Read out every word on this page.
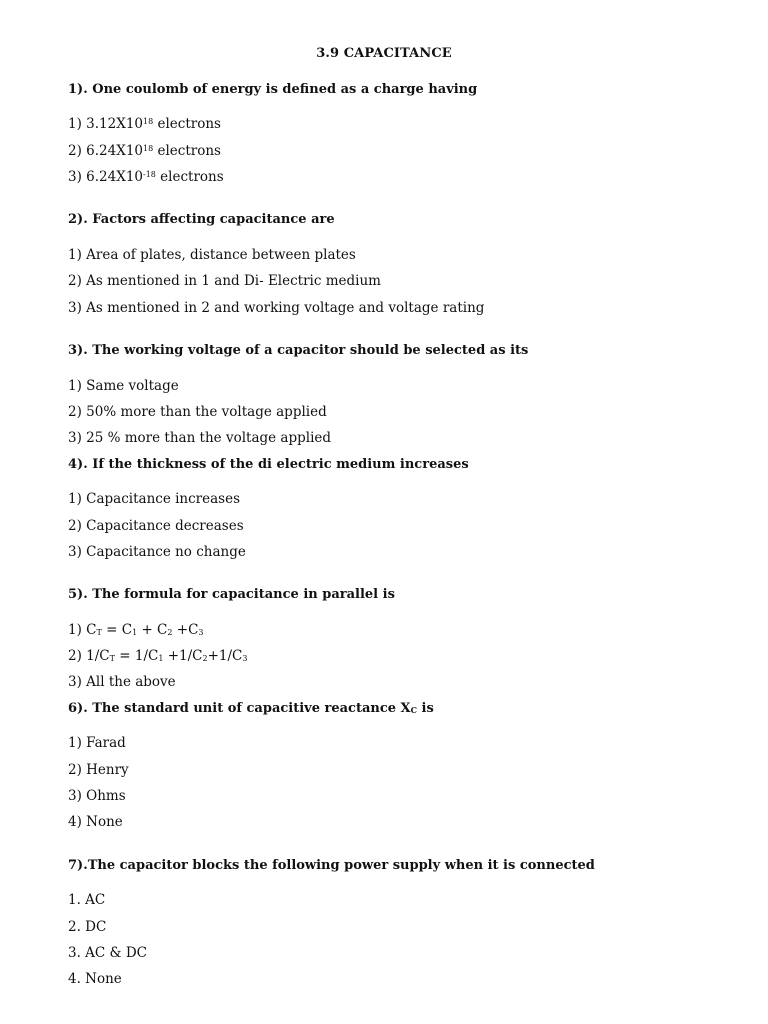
3.9 CAPACITANCE
1). One coulomb of energy is defined as a charge having
1) $3.12X10^{18}$ electrons
2) $6.24X10^{18}$ electrons
3) $6.24X10^{-18}$ electrons
2). Factors affecting capacitance are
1) Area of plates, distance between plates
2) As mentioned in 1 and Di- Electric medium
3) As mentioned in 2 and working voltage and voltage rating
3). The working voltage of a capacitor should be selected as its
1) Same voltage
2) 50% more than the voltage applied
3) 25 % more than the voltage applied
4). If the thickness of the di electric medium increases
1) Capacitance increases
2) Capacitance decreases
3) Capacitance no change
5). The formula for capacitance in parallel is
1) $C_T = C_1 + C_2 +C_3$
2) $1/C_T = 1/C_1 +1/C_2+1/C_3$
3) All the above
6). The standard unit of capacitive reactance $X_C$ is
1) Farad
2) Henry
3) Ohms
4) None
7).The capacitor blocks the following power supply when it is connected
1. AC
2. DC
3. AC & DC
4. None
